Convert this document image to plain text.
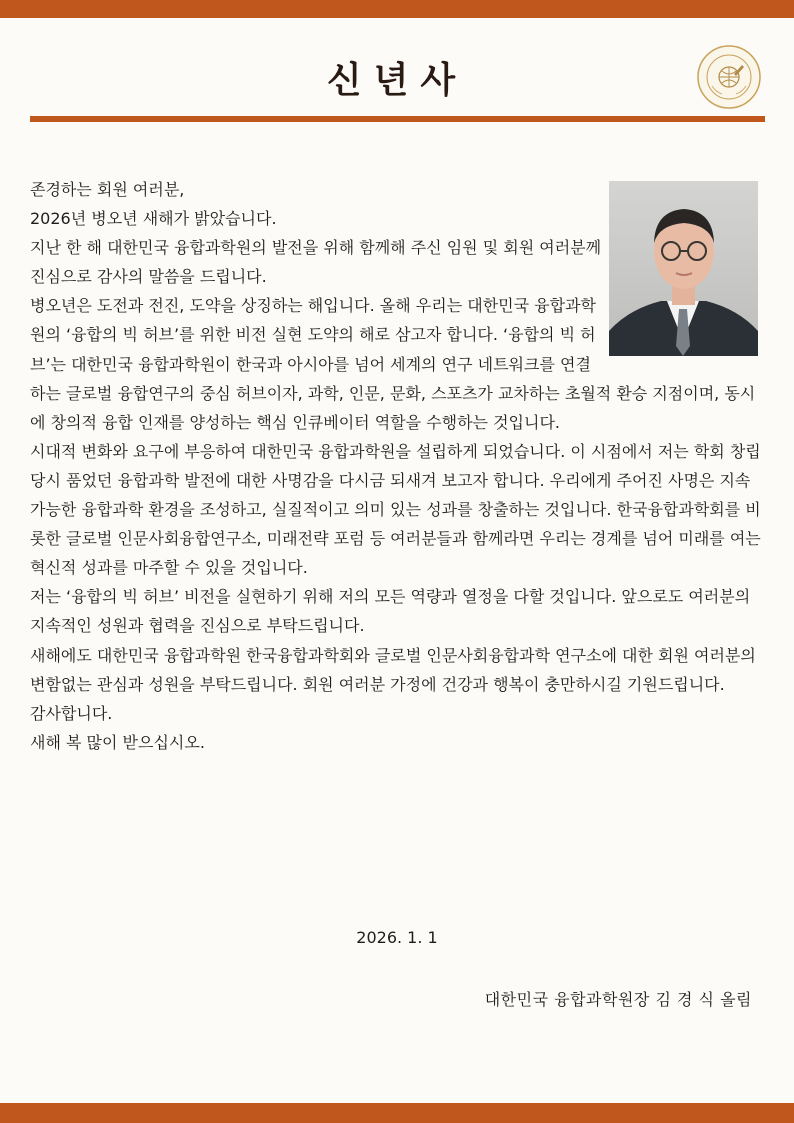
신년사

존경하는 회원 여러분,

2026년 병오년 새해가 밝았습니다.

지난 한 해 대한민국 융합과학원의 발전을 위해 함께해 주신 임원 및 회원 여러분께 진심으로 감사의 말씀을 드립니다.

병오년은 도전과 전진, 도약을 상징하는 해입니다. 올해 우리는 대한민국 융합과학원의 ‘융합의 빅 허브’를 위한 비전 실현 도약의 해로 삼고자 합니다. ‘융합의 빅 허브’는 대한민국 융합과학원이 한국과 아시아를 넘어 세계의 연구 네트워크를 연결하는 글로벌 융합연구의 중심 허브이자, 과학, 인문, 문화, 스포츠가 교차하는 초월적 환승 지점이며, 동시에 창의적 융합 인재를 양성하는 핵심 인큐베이터 역할을 수행하는 것입니다.

시대적 변화와 요구에 부응하여 대한민국 융합과학원을 설립하게 되었습니다. 이 시점에서 저는 학회 창립 당시 품었던 융합과학 발전에 대한 사명감을 다시금 되새겨 보고자 합니다. 우리에게 주어진 사명은 지속가능한 융합과학 환경을 조성하고, 실질적이고 의미 있는 성과를 창출하는 것입니다. 한국융합과학회를 비롯한 글로벌 인문사회융합연구소, 미래전략 포럼 등 여러분들과 함께라면 우리는 경계를 넘어 미래를 여는 혁신적 성과를 마주할 수 있을 것입니다.

저는 ‘융합의 빅 허브’ 비전을 실현하기 위해 저의 모든 역량과 열정을 다할 것입니다. 앞으로도 여러분의 지속적인 성원과 협력을 진심으로 부탁드립니다.

새해에도 대한민국 융합과학원 한국융합과학회와 글로벌 인문사회융합과학 연구소에 대한 회원 여러분의 변함없는 관심과 성원을 부탁드립니다. 회원 여러분 가정에 건강과 행복이 충만하시길 기원드립니다.

감사합니다.

새해 복 많이 받으십시오.

2026. 1. 1
대한민국 융합과학원장 김 경 식 올림
